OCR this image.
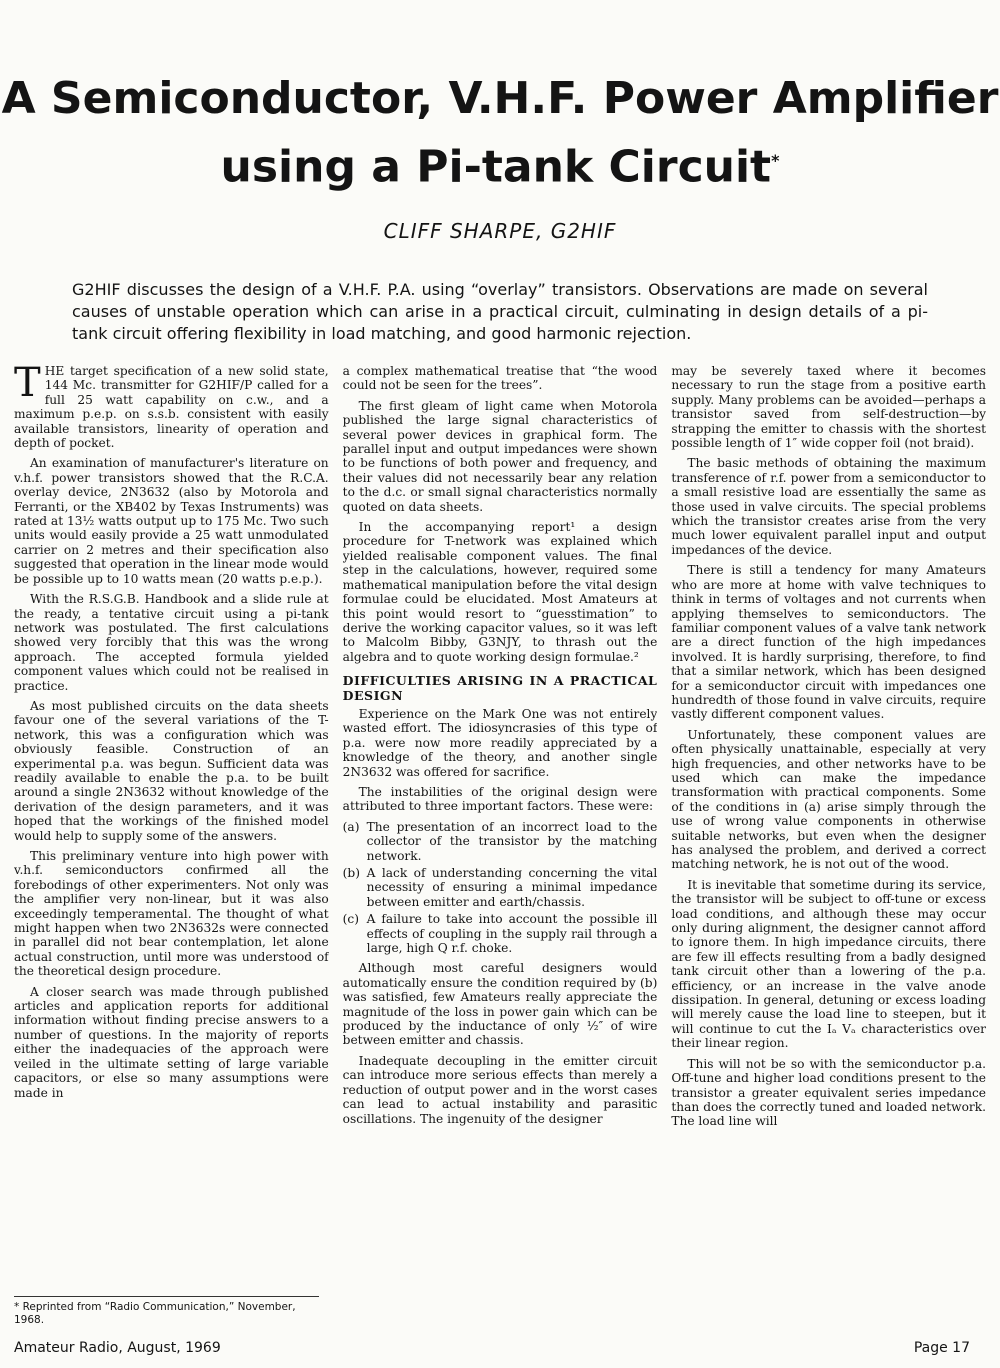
A Semiconductor, V.H.F. Power Amplifier
using a Pi-tank Circuit*
CLIFF SHARPE, G2HIF
G2HIF discusses the design of a V.H.F. P.A. using “overlay” transistors. Observations are made on several causes of unstable operation which can arise in a practical circuit, culminating in design details of a pi-tank circuit offering flexibility in load matching, and good harmonic rejection.

THE target specification of a new solid state, 144 Mc. transmitter for G2HIF/P called for a full 25 watt capability on c.w., and a maximum p.e.p. on s.s.b. consistent with easily available transistors, linearity of operation and depth of pocket.

An examination of manufacturer's literature on v.h.f. power transistors showed that the R.C.A. overlay device, 2N3632 (also by Motorola and Ferranti, or the XB402 by Texas Instruments) was rated at 13½ watts output up to 175 Mc. Two such units would easily provide a 25 watt unmodulated carrier on 2 metres and their specification also suggested that operation in the linear mode would be possible up to 10 watts mean (20 watts p.e.p.).

With the R.S.G.B. Handbook and a slide rule at the ready, a tentative circuit using a pi-tank network was postulated. The first calculations showed very forcibly that this was the wrong approach. The accepted formula yielded component values which could not be realised in practice.

As most published circuits on the data sheets favour one of the several variations of the T-network, this was a configuration which was obviously feasible. Construction of an experimental p.a. was begun. Sufficient data was readily available to enable the p.a. to be built around a single 2N3632 without knowledge of the derivation of the design parameters, and it was hoped that the workings of the finished model would help to supply some of the answers.

This preliminary venture into high power with v.h.f. semiconductors confirmed all the forebodings of other experimenters. Not only was the amplifier very non-linear, but it was also exceedingly temperamental. The thought of what might happen when two 2N3632s were connected in parallel did not bear contemplation, let alone actual construction, until more was understood of the theoretical design procedure.

A closer search was made through published articles and application reports for additional information without finding precise answers to a number of questions. In the majority of reports either the inadequacies of the approach were veiled in the ultimate setting of large variable capacitors, or else so many assumptions were made in

a complex mathematical treatise that “the wood could not be seen for the trees”.

The first gleam of light came when Motorola published the large signal characteristics of several power devices in graphical form. The parallel input and output impedances were shown to be functions of both power and frequency, and their values did not necessarily bear any relation to the d.c. or small signal characteristics normally quoted on data sheets.

In the accompanying report¹ a design procedure for T-network was explained which yielded realisable component values. The final step in the calculations, however, required some mathematical manipulation before the vital design formulae could be elucidated. Most Amateurs at this point would resort to “guesstimation” to derive the working capacitor values, so it was left to Malcolm Bibby, G3NJY, to thrash out the algebra and to quote working design formulae.²

DIFFICULTIES ARISING IN A PRACTICAL DESIGN

Experience on the Mark One was not entirely wasted effort. The idiosyncrasies of this type of p.a. were now more readily appreciated by a knowledge of the theory, and another single 2N3632 was offered for sacrifice.

The instabilities of the original design were attributed to three important factors. These were:

(a) The presentation of an incorrect load to the collector of the transistor by the matching network.
(b) A lack of understanding concerning the vital necessity of ensuring a minimal impedance between emitter and earth/chassis.
(c) A failure to take into account the possible ill effects of coupling in the supply rail through a large, high Q r.f. choke.

Although most careful designers would automatically ensure the condition required by (b) was satisfied, few Amateurs really appreciate the magnitude of the loss in power gain which can be produced by the inductance of only ½″ of wire between emitter and chassis.

Inadequate decoupling in the emitter circuit can introduce more serious effects than merely a reduction of output power and in the worst cases can lead to actual instability and parasitic oscillations. The ingenuity of the designer

may be severely taxed where it becomes necessary to run the stage from a positive earth supply. Many problems can be avoided—perhaps a transistor saved from self-destruction—by strapping the emitter to chassis with the shortest possible length of 1″ wide copper foil (not braid).

The basic methods of obtaining the maximum transference of r.f. power from a semiconductor to a small resistive load are essentially the same as those used in valve circuits. The special problems which the transistor creates arise from the very much lower equivalent parallel input and output impedances of the device.

There is still a tendency for many Amateurs who are more at home with valve techniques to think in terms of voltages and not currents when applying themselves to semiconductors. The familiar component values of a valve tank network are a direct function of the high impedances involved. It is hardly surprising, therefore, to find that a similar network, which has been designed for a semiconductor circuit with impedances one hundredth of those found in valve circuits, require vastly different component values.

Unfortunately, these component values are often physically unattainable, especially at very high frequencies, and other networks have to be used which can make the impedance transformation with practical components. Some of the conditions in (a) arise simply through the use of wrong value components in otherwise suitable networks, but even when the designer has analysed the problem, and derived a correct matching network, he is not out of the wood.

It is inevitable that sometime during its service, the transistor will be subject to off-tune or excess load conditions, and although these may occur only during alignment, the designer cannot afford to ignore them. In high impedance circuits, there are few ill effects resulting from a badly designed tank circuit other than a lowering of the p.a. efficiency, or an increase in the valve anode dissipation. In general, detuning or excess loading will merely cause the load line to steepen, but it will continue to cut the Iₐ Vₐ characteristics over their linear region.

This will not be so with the semiconductor p.a. Off-tune and higher load conditions present to the transistor a greater equivalent series impedance than does the correctly tuned and loaded network. The load line will

* Reprinted from “Radio Communication,” November, 1968.
Amateur Radio, August, 1969	Page 17
